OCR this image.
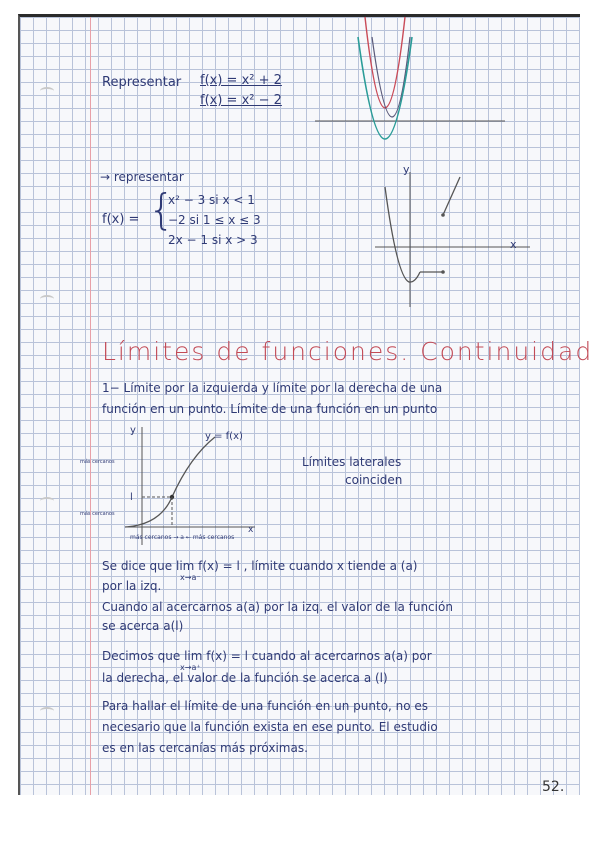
Representar f(x) = x² + 2
f(x) = x² − 2
→ representar
f(x) = {
x² − 3 si x < 1
−2 si 1 ≤ x ≤ 3
2x − 1 si x > 3
y
x
Límites de funciones. Continuidad
1− Límite por la izquierda y límite por la derecha de una
función en un punto. Límite de una función en un punto
y
y = f(x)
l
más cercanos
más cercanos
más cercanos → a ← más cercanos
x
Límites laterales
coinciden
Se dice que lim f(x) = l , límite cuando x tiende a (a)
x→a⁻
por la izq.
Cuando al acercarnos a(a) por la izq. el valor de la función
se acerca a(l)
Decimos que lim f(x) = l cuando al acercarnos a(a) por
x→a⁺
la derecha, el valor de la función se acerca a (l)
Para hallar el límite de una función en un punto, no es
necesario que la función exista en ese punto. El estudio
es en las cercanías más próximas.
52.
